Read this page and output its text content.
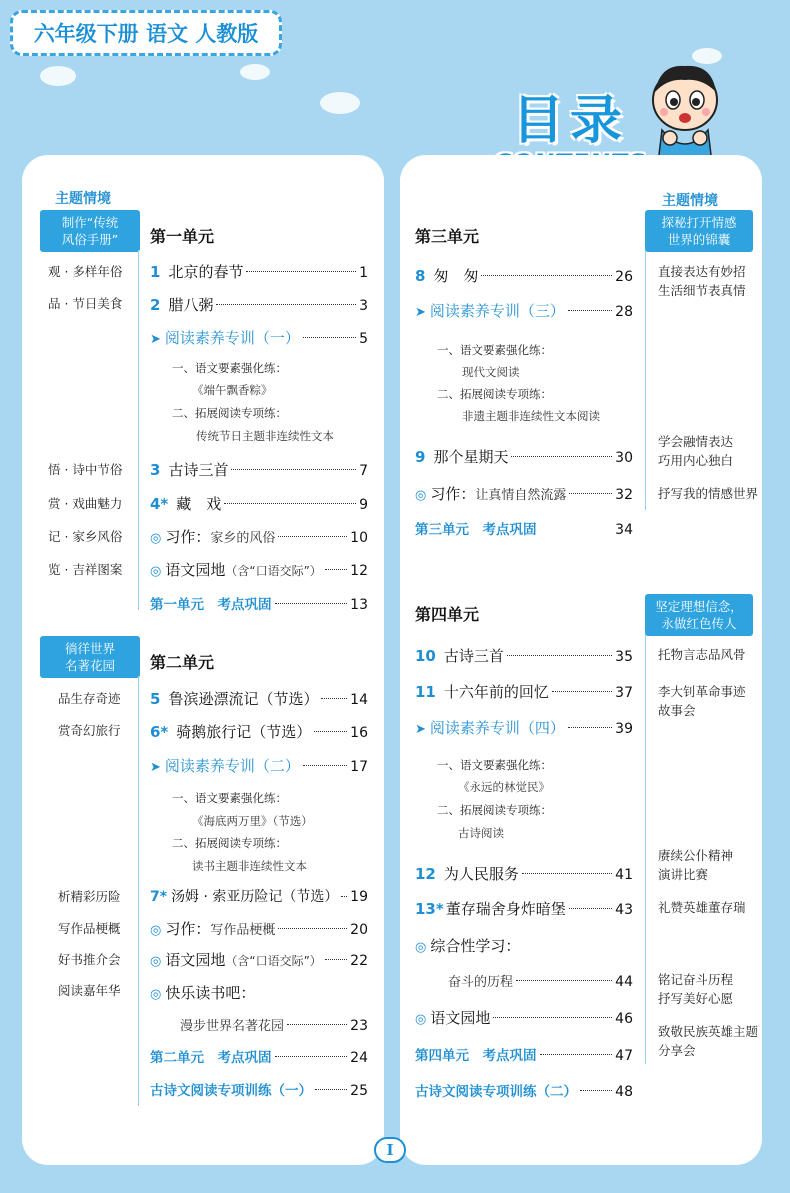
六年级下册 语文 人教版
目录
主题情境
制作“传统
风俗手册”	第一单元
观 · 多样年俗
品 · 节日美食
悟 · 诗中节俗
赏 · 戏曲魅力
记 · 家乡风俗
览 · 吉祥图案
1 北京的春节	1
2 腊八粥	3
➤ 阅读素养专训（一）	5
一、语文要素强化练：
《端午飘香粽》
二、拓展阅读专项练：
传统节日主题非连续性文本
3 古诗三首	7
4* 藏　戏	9
◎ 习作： 家乡的风俗	10
◎ 语文园地 （含“口语交际”） 12
第一单元　考点巩固	13
徜徉世界
名著花园	第二单元
品生存奇迹
赏奇幻旅行
析精彩历险
写作品梗概
好书推介会
阅读嘉年华
5 鲁滨逊漂流记（节选） 14
6* 骑鹅旅行记（节选）	16
➤ 阅读素养专训（二）	17
一、语文要素强化练：
《海底两万里》（节选）
二、拓展阅读专项练：
读书主题非连续性文本
7* 汤姆 · 索亚历险记（节选） 19
◎ 习作： 写作品梗概	20
◎ 语文园地 （含“口语交际”） 22
◎ 快乐读书吧：
漫步世界名著花园	23
第二单元　考点巩固	24
古诗文阅读专项训练（一）	25
主题情境
探秘打开情感
世界的锦囊
第三单元
直接表达有妙招
生活细节表真情
学会融情表达
巧用内心独白
抒写我的情感世界
8 匆　匆	26
➤ 阅读素养专训（三）	28
一、语文要素强化练：
现代文阅读
二、拓展阅读专项练：
非遗主题非连续性文本阅读
9 那个星期天	30
◎ 习作： 让真情自然流露	32
第三单元　考点巩固	34
坚定理想信念，
永做红色传人
第四单元
托物言志品风骨
李大钊革命事迹
故事会
赓续公仆精神
演讲比赛
礼赞英雄董存瑞
铭记奋斗历程
抒写美好心愿
致敬民族英雄主题
分享会
10 古诗三首	35
11 十六年前的回忆	37
➤ 阅读素养专训（四）	39
一、语文要素强化练：
《永远的林觉民》
二、拓展阅读专项练：
古诗阅读
12 为人民服务	41
13* 董存瑞舍身炸暗堡	43
◎ 综合性学习：
奋斗的历程	44
◎ 语文园地	46
第四单元　考点巩固	47
古诗文阅读专项训练（二）	48
I
